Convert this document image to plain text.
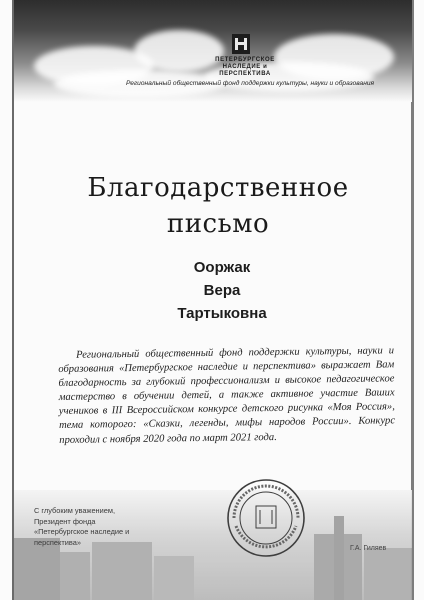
ПЕТЕРБУРГСКОЕ
НАСЛЕДИЕ и ПЕРСПЕКТИВА
Региональный общественный фонд поддержки культуры, науки и образования
Благодарственное
письмо
Ооржак
Вера
Тартыковна
Региональный общественный фонд поддержки культуры, науки и образования «Петербургское наследие и перспектива» выражает Вам благодарность за глубокий профессионализм и высокое педагогическое мастерство в обучении детей, а также активное участие Ваших учеников в III Всероссийском конкурсе детского рисунка «Моя Россия», тема которого: «Сказки, легенды, мифы народов России». Конкурс проходил с ноября 2020 года по март 2021 года.
С глубоким уважением,
Президент фонда
«Петербургское наследие и перспектива»
Г.А. Гиляев
